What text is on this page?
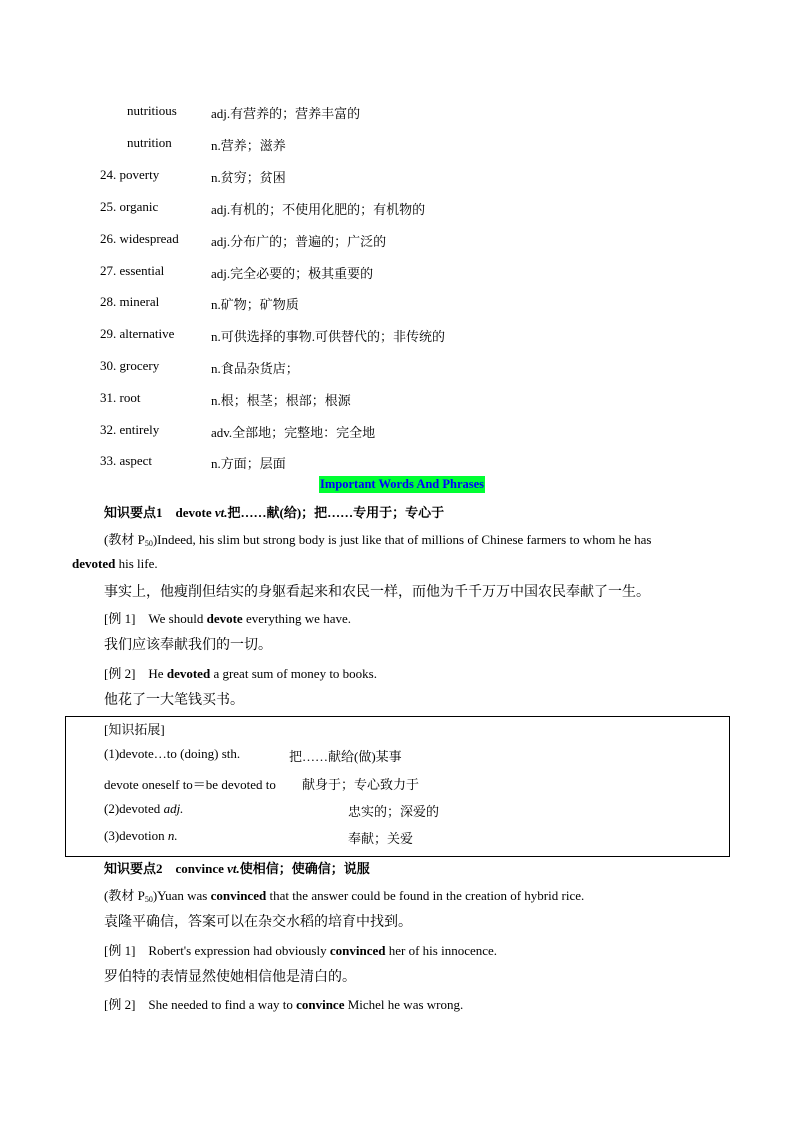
nutritious	adj.有营养的；营养丰富的
nutrition	n.营养；滋养
24. poverty	n.贫穷；贫困
25. organic	adj.有机的；不使用化肥的；有机物的
26. widespread adj.分布广的；普遍的；广泛的
27. essential	adj.完全必要的；极其重要的
28. mineral	n.矿物；矿物质
29. alternative	n.可供选择的事物.可供替代的；非传统的
30. grocery	n.食品杂货店；
31. root	n.根；根茎；根部；根源
32. entirely	adv.全部地；完整地：完全地
33. aspect	n.方面；层面
Important Words And Phrases
知识要点1 devote vt.把……献(给)；把……专用于；专心于
(教材 $P_{50})Indeed$, his slim but strong body is just like that of millions of Chinese farmers to whom he has
devoted his life.
事实上，他瘦削但结实的身躯看起来和农民一样，而他为千千万万中国农民奉献了一生。
[例 1] We should devote everything we have.
我们应该奉献我们的一切。
[例 2] He devoted a great sum of money to books.
他花了一大笔钱买书。
[知识拓展]
(1)devote…to (doing) sth.	把……献给(做)某事
devote oneself to＝be devoted to 献身于；专心致力于
(2)devoted adj.	忠实的；深爱的
(3)devotion n.	奉献；关爱
知识要点2 convince vt.使相信；使确信；说服
(教材 $P_{50})Yuan$ was convinced that the answer could be found in the creation of hybrid rice.
袁隆平确信，答案可以在杂交水稻的培育中找到。
[例 1] Robert's expression had obviously convinced her of his innocence.
罗伯特的表情显然使她相信他是清白的。
[例 2] She needed to find a way to convince Michel he was wrong.
